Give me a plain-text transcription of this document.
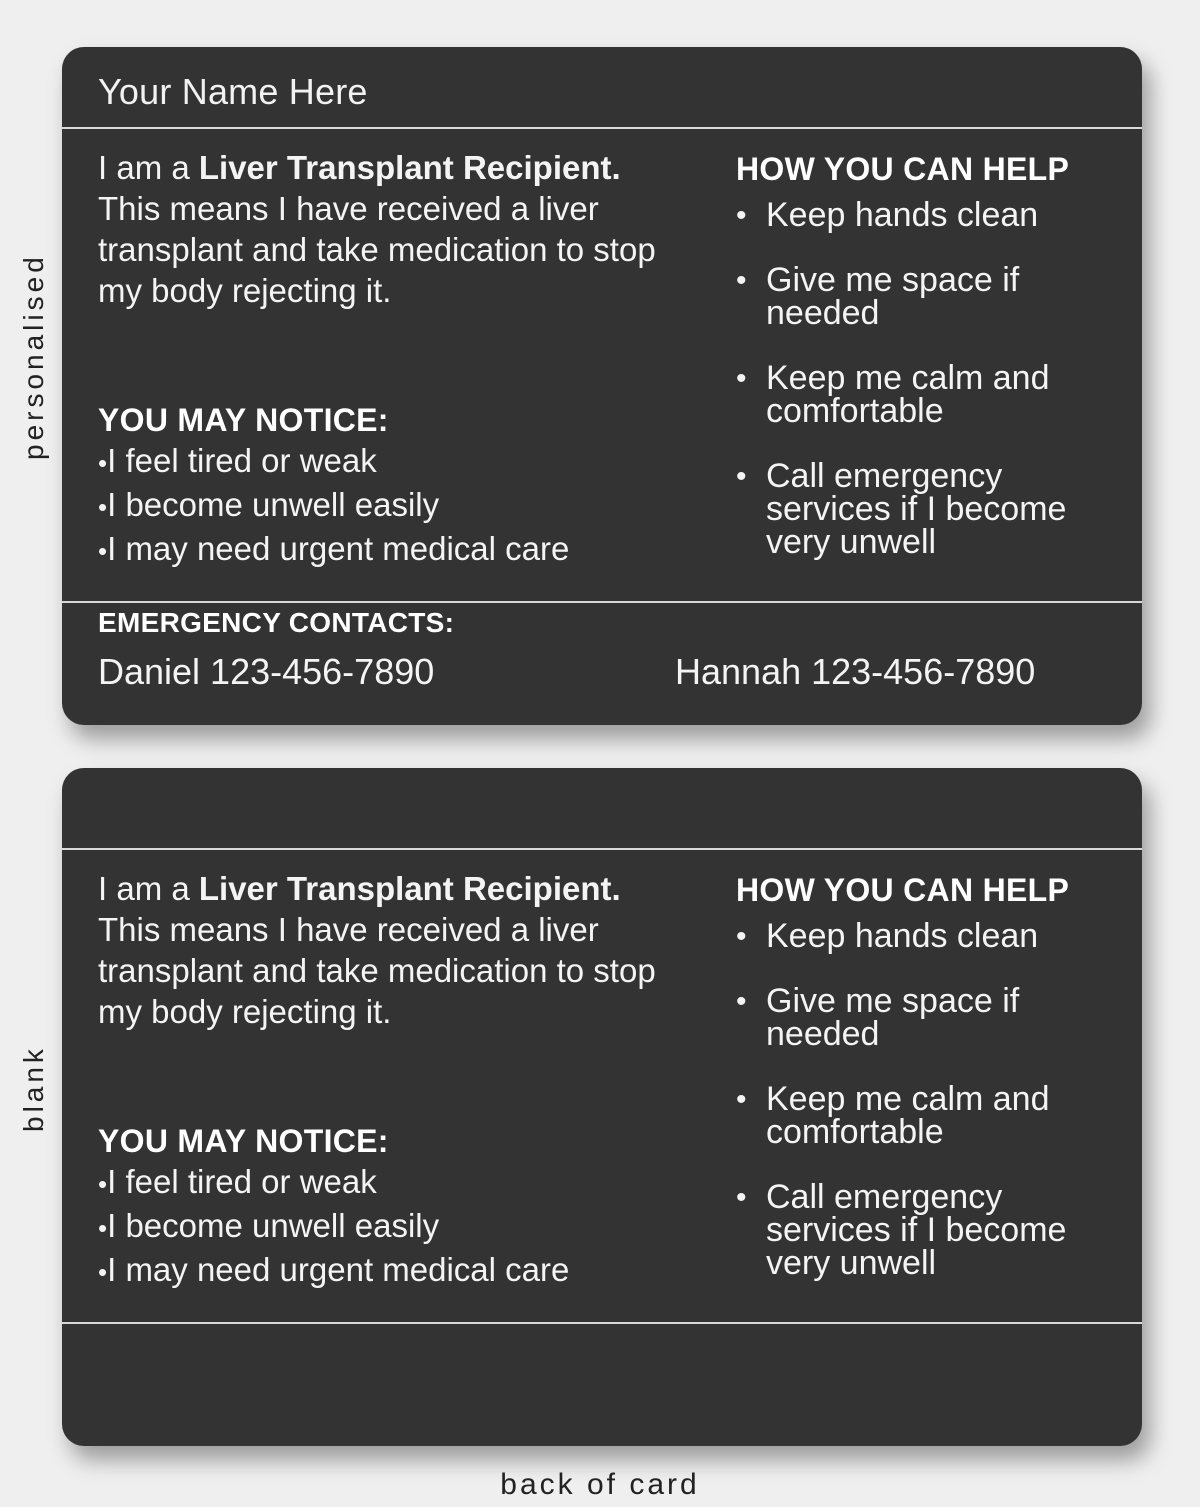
personalised
blank
Your Name Here
I am a Liver Transplant Recipient. This means I have received a liver transplant and take medication to stop my body rejecting it.
YOU MAY NOTICE:
• I feel tired or weak
• I become unwell easily
• I may need urgent medical care
HOW YOU CAN HELP
• Keep hands clean
• Give me space if needed
• Keep me calm and comfortable
• Call emergency services if I become very unwell
EMERGENCY CONTACTS:
Daniel 123-456-7890	Hannah 123-456-7890
I am a Liver Transplant Recipient. This means I have received a liver transplant and take medication to stop my body rejecting it.
YOU MAY NOTICE:
• I feel tired or weak
• I become unwell easily
• I may need urgent medical care
HOW YOU CAN HELP
• Keep hands clean
• Give me space if needed
• Keep me calm and comfortable
• Call emergency services if I become very unwell
back of card
